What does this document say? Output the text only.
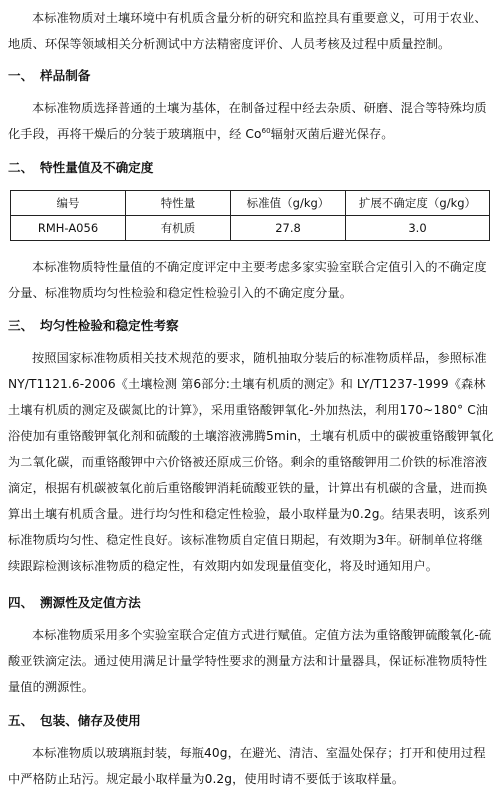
本标准物质对土壤环境中有机质含量分析的研究和监控具有重要意义，可用于农业、地质、环保等领域相关分析测试中方法精密度评价、人员考核及过程中质量控制。

一、 样品制备

本标准物质选择普通的土壤为基体，在制备过程中经去杂质、研磨、混合等特殊均质化手段，再将干燥后的分装于玻璃瓶中，经 Co$^{60}$辐射灭菌后避光保存。

二、 特性量值及不确定度
编号	特性量	标准值（g/kg）	扩展不确定度（g/kg）
RMH-A056	有机质	27.8	3.0

本标准物质特性量值的不确定度评定中主要考虑多家实验室联合定值引入的不确定度分量、标准物质均匀性检验和稳定性检验引入的不确定度分量。

三、 均匀性检验和稳定性考察

按照国家标准物质相关技术规范的要求，随机抽取分装后的标准物质样品，参照标准 NY/T1121.6-2006《土壤检测 第6部分:土壤有机质的测定》和 LY/T1237-1999《森林土壤有机质的测定及碳氮比的计算》，采用重铬酸钾氧化-外加热法，利用170~180° C油浴使加有重铬酸钾氧化剂和硫酸的土壤溶液沸腾5min，土壤有机质中的碳被重铬酸钾氧化为二氧化碳，而重铬酸钾中六价铬被还原成三价铬。剩余的重铬酸钾用二价铁的标准溶液滴定，根据有机碳被氧化前后重铬酸钾消耗硫酸亚铁的量，计算出有机碳的含量，进而换算出土壤有机质含量。进行均匀性和稳定性检验，最小取样量为0.2g。结果表明，该系列标准物质均匀性、稳定性良好。该标准物质自定值日期起，有效期为3年。研制单位将继续跟踪检测该标准物质的稳定性，有效期内如发现量值变化，将及时通知用户。

四、 溯源性及定值方法

本标准物质采用多个实验室联合定值方式进行赋值。定值方法为重铬酸钾硫酸氧化-硫酸亚铁滴定法。通过使用满足计量学特性要求的测量方法和计量器具，保证标准物质特性量值的溯源性。

五、 包装、储存及使用

本标准物质以玻璃瓶封装，每瓶40g，在避光、清洁、室温处保存；打开和使用过程中严格防止玷污。规定最小取样量为0.2g，使用时请不要低于该取样量。
